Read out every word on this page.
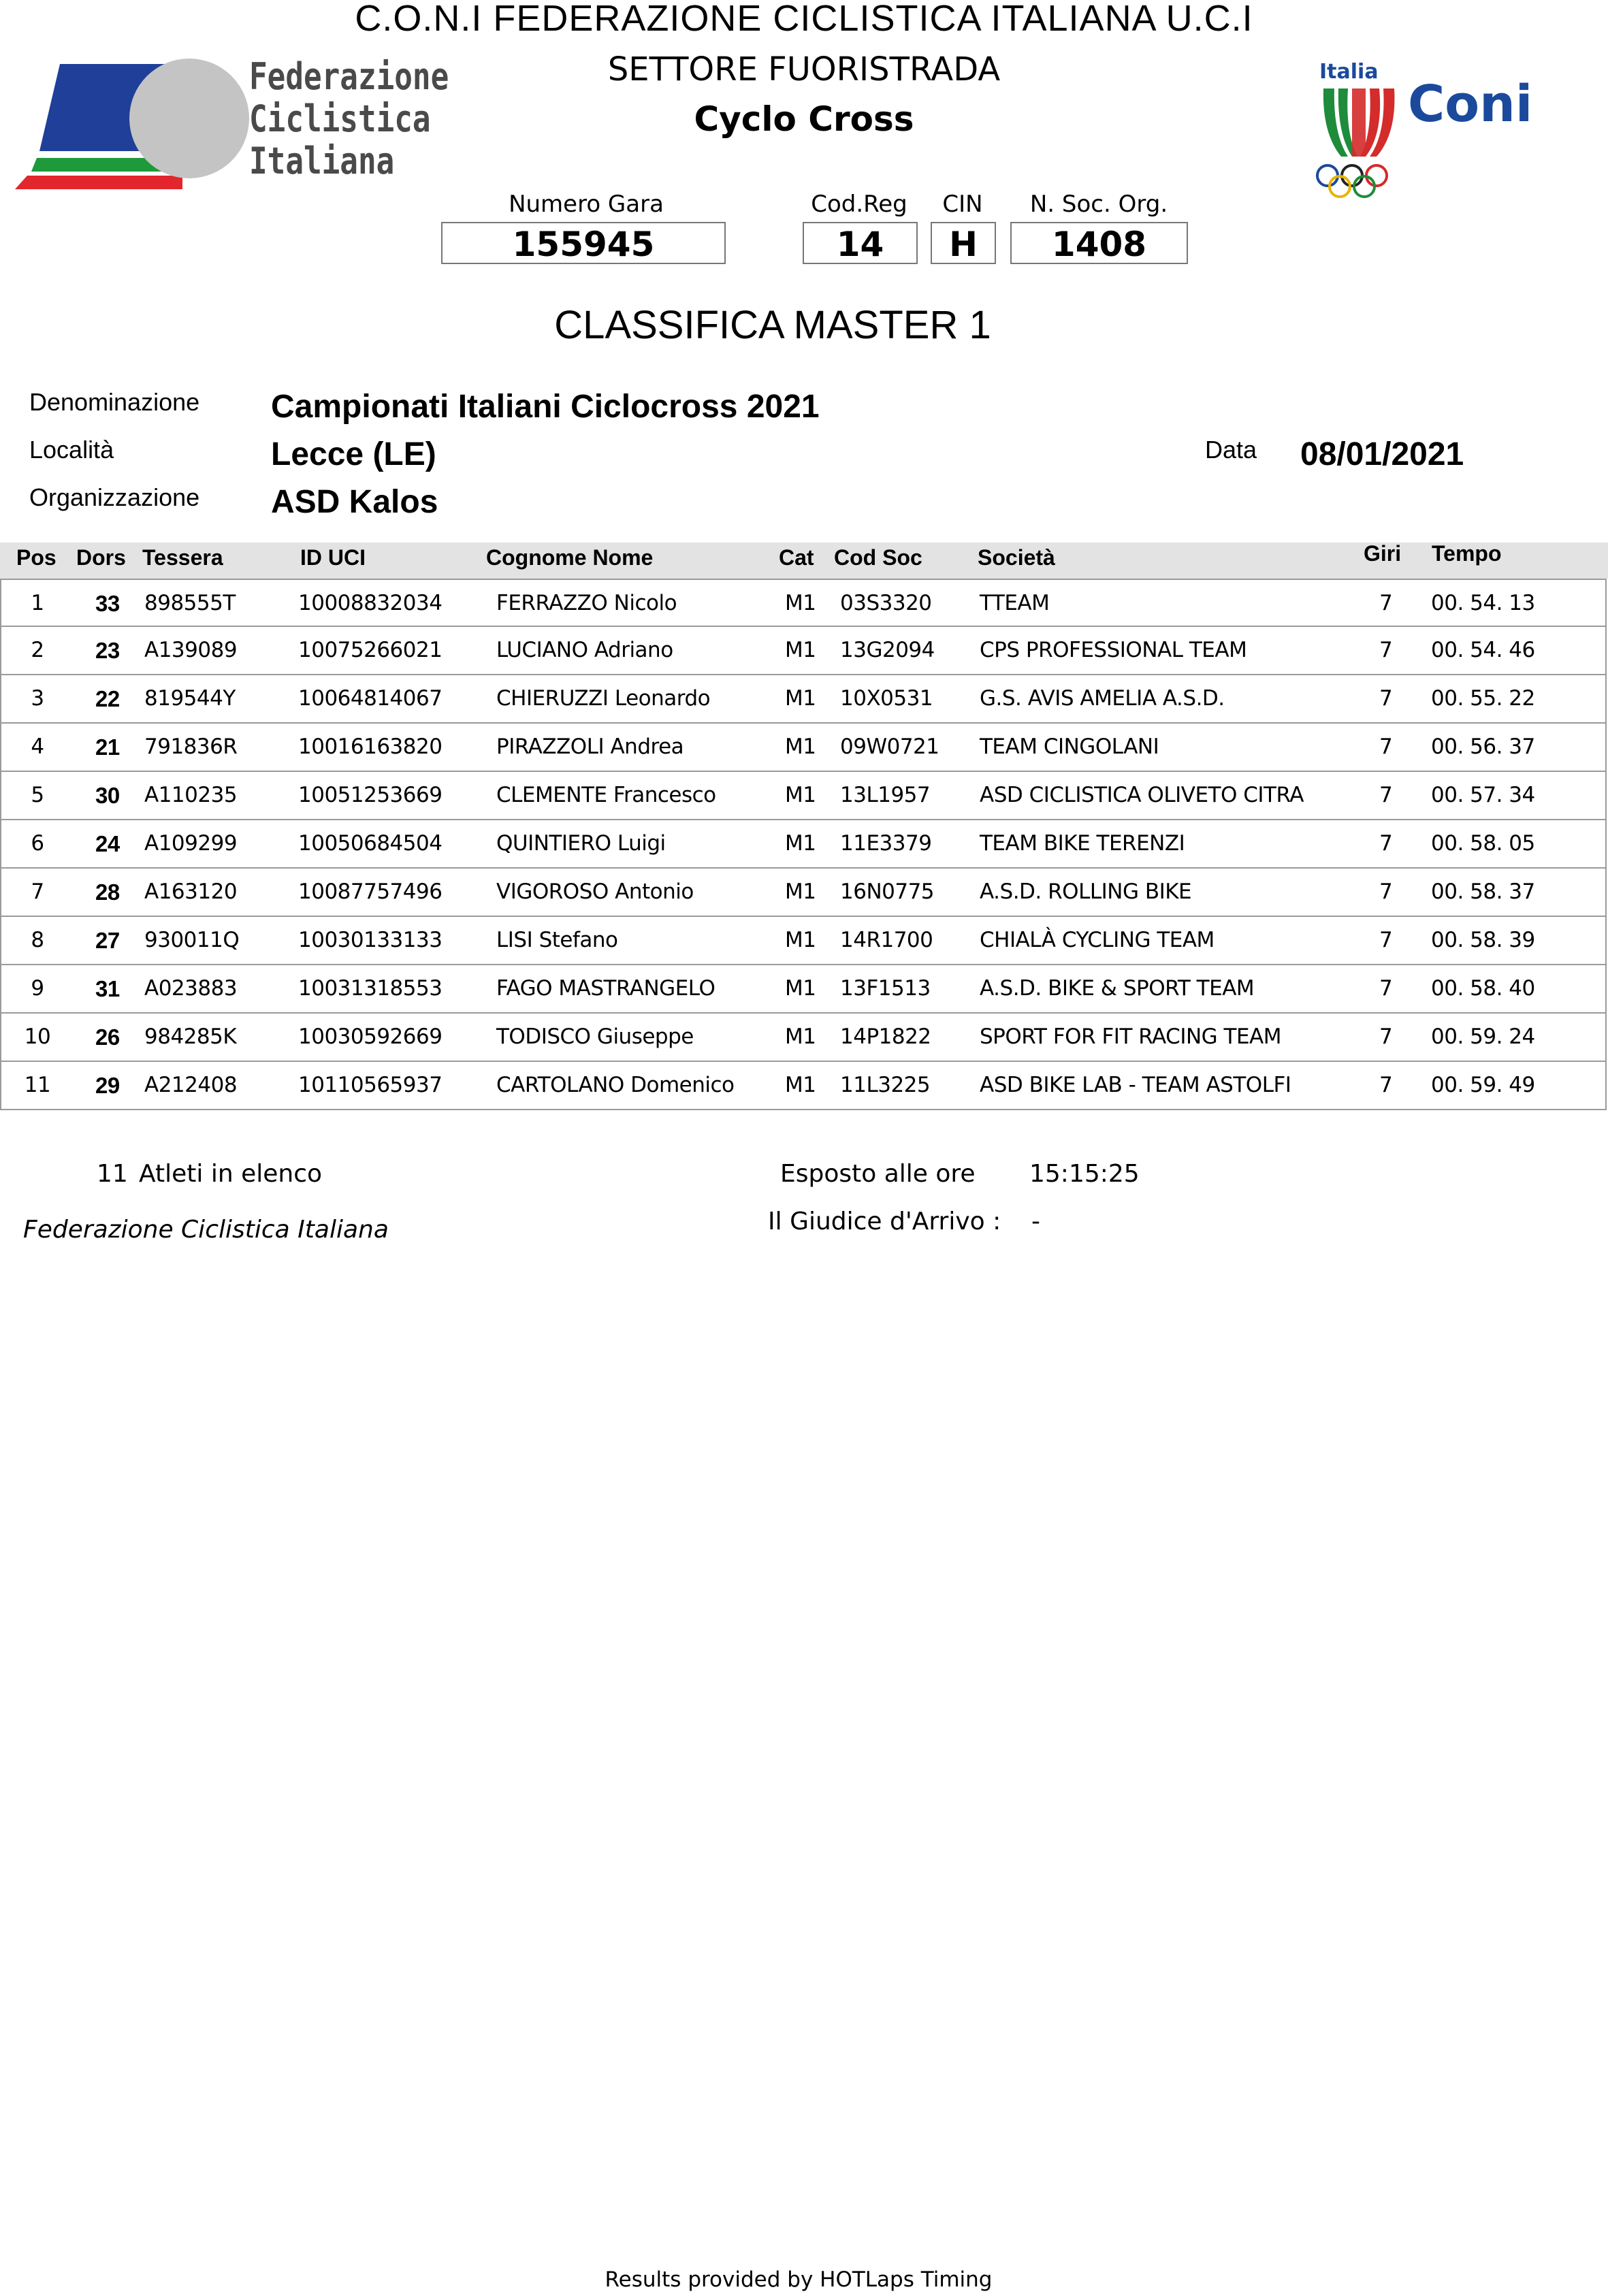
C.O.N.I FEDERAZIONE CICLISTICA ITALIANA U.C.I
SETTORE FUORISTRADA
Cyclo Cross
Federazione
Ciclistica
Italiana
Italia
Coni
Numero Gara
155945
Cod.Reg
14
CIN
H
N. Soc. Org.
1408
CLASSIFICA MASTER 1
Denominazione Campionati Italiani Ciclocross 2021
Località	Lecce (LE)
Organizzazione ASD Kalos
Data 08/01/2021
Pos Dors Tessera	ID UCI	Cognome Nome	Cat Cod Soc	Società	Giri Tempo
1	33 898555T	10008832034	FERRAZZO Nicolo	M1 03S3320 TTEAM	7 00. 54. 13
2	23 A139089	10075266021	LUCIANO Adriano	M1 13G2094 CPS PROFESSIONAL TEAM	7 00. 54. 46
3	22 819544Y	10064814067	CHIERUZZI Leonardo	M1 10X0531 G.S. AVIS AMELIA A.S.D.	7 00. 55. 22
4	21 791836R	10016163820	PIRAZZOLI Andrea	M1 09W0721 TEAM CINGOLANI	7 00. 56. 37
5	30 A110235	10051253669	CLEMENTE Francesco	M1 13L1957 ASD CICLISTICA OLIVETO CITRA	7 00. 57. 34
6	24 A109299	10050684504	QUINTIERO Luigi	M1 11E3379 TEAM BIKE TERENZI	7 00. 58. 05
7	28 A163120	10087757496	VIGOROSO Antonio	M1 16N0775 A.S.D. ROLLING BIKE	7 00. 58. 37
8	27 930011Q	10030133133	LISI Stefano	M1 14R1700 CHIALÀ CYCLING TEAM	7 00. 58. 39
9	31 A023883	10031318553	FAGO MASTRANGELO	M1 13F1513 A.S.D. BIKE & SPORT TEAM	7 00. 58. 40
10	26 984285K	10030592669	TODISCO Giuseppe	M1 14P1822 SPORT FOR FIT RACING TEAM	7 00. 59. 24
11	29 A212408	10110565937	CARTOLANO Domenico M1 11L3225 ASD BIKE LAB - TEAM ASTOLFI	7 00. 59. 49
11 Atleti in elenco	Esposto alle ore 15:15:25
Federazione Ciclistica Italiana	Il Giudice d'Arrivo : -
Results provided by HOTLaps Timing
